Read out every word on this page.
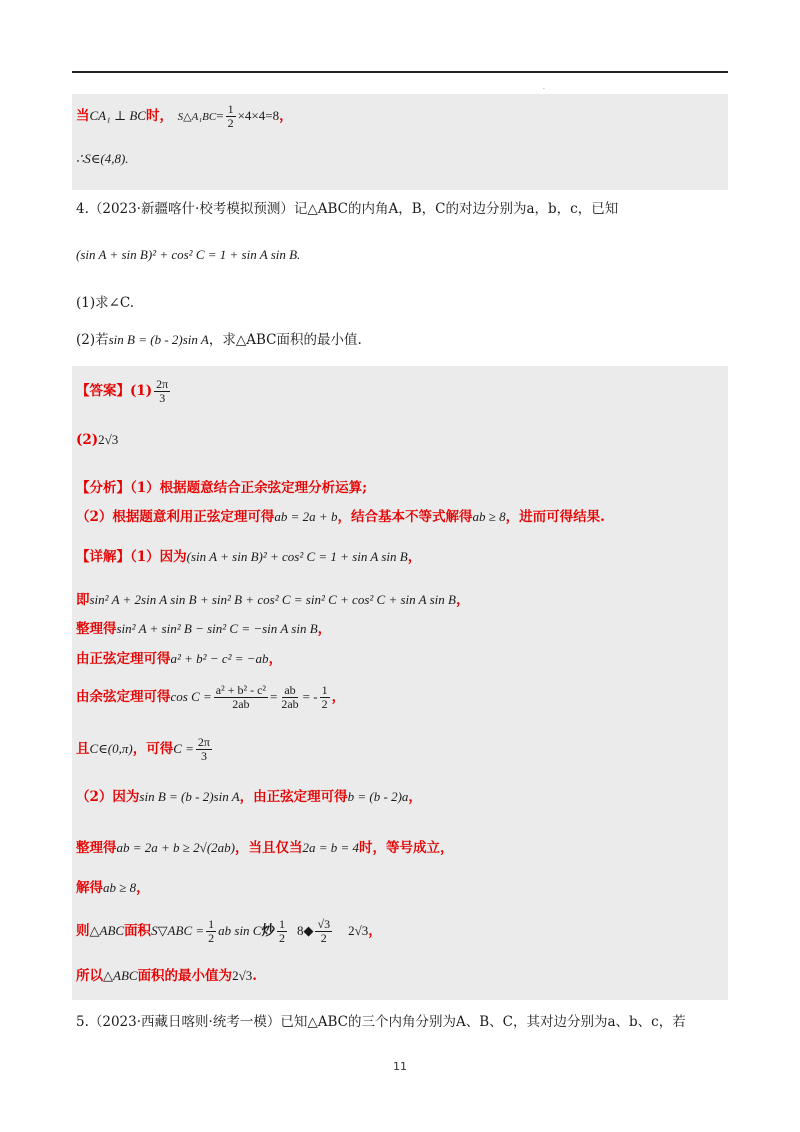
.
当CA₁ ⊥ BC时， S△A₁BC= $\frac{1}{2} \times 4\times 4=8$，
∴S∈(4,8).
4.（2023·新疆喀什·校考模拟预测）记△ABC的内角A，B，C的对边分别为a，b，c，已知
(sin A + sin B)² + cos² C = 1 + sin A sin B.
(1)求∠C.
(2)若sin B = (b - 2)sin A，求△ABC面积的最小值.
【答案】$(1) \frac{2\pi}{3}$
(2)2√3
【分析】（1）根据题意结合正余弦定理分析运算;
（2）根据题意利用正弦定理可得ab = 2a + b，结合基本不等式解得ab ≥ 8，进而可得结果.
【详解】（1）因为(sin A + sin B)² + cos² C = 1 + sin A sin B，
即sin² A + 2sin A sin B + sin² B + cos² C = sin² C + cos² C + sin A sin B，
整理得sin² A + sin² B − sin² C = −sin A sin B，
由正弦定理可得a² + b² − c² = −ab，
由余弦定理可得$\cos C = \frac{\text{a² + b² - c²}}{2ab} = \frac{ab}{2ab}$ = - $\frac{1}{2}$ ，
且C∈(0,π)，可得$C = \frac{2\pi}{3}$
（2）因为sin B = (b - 2)sin A，由正弦定理可得b = (b - 2)a，
整理得ab = 2a + b ≥ 2√(2ab)，当且仅当2a = b = 4时，等号成立，
解得ab ≥ 8，
则△ABC面积S▽ABC = $\frac{1}{2}$ ab sin C炒 $\frac{1}{2}$ 8◆ $\frac{√3}{2} 2√3$，
所以△ABC面积的最小值为2√3.
5.（2023·西藏日喀则·统考一模）已知△ABC的三个内角分别为A、B、C，其对边分别为a、b、c，若
11
